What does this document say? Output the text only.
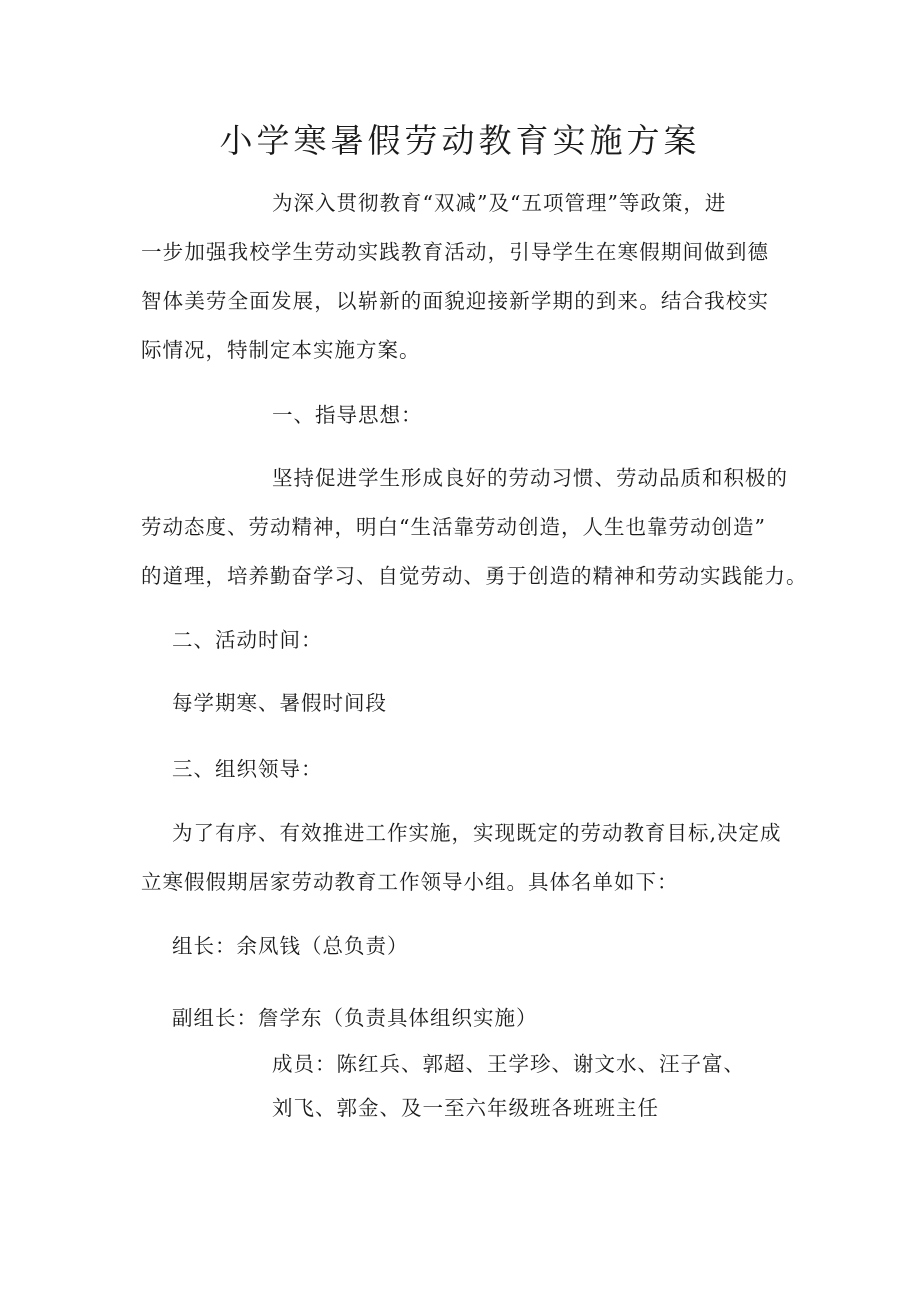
小学寒暑假劳动教育实施方案

为深入贯彻教育“双减”及“五项管理”等政策，进

一步加强我校学生劳动实践教育活动，引导学生在寒假期间做到德

智体美劳全面发展，以崭新的面貌迎接新学期的到来。结合我校实

际情况，特制定本实施方案。

一、指导思想：

坚持促进学生形成良好的劳动习惯、劳动品质和积极的

劳动态度、劳动精神，明白“生活靠劳动创造，人生也靠劳动创造”

的道理，培养勤奋学习、自觉劳动、勇于创造的精神和劳动实践能力。

二、活动时间：

每学期寒、暑假时间段

三、组织领导：

为了有序、有效推进工作实施，实现既定的劳动教育目标,决定成

立寒假假期居家劳动教育工作领导小组。具体名单如下：

组长：余凤钱（总负责）

副组长：詹学东（负责具体组织实施）

成员：陈红兵、郭超、王学珍、谢文水、汪子富、

刘飞、郭金、及一至六年级班各班班主任
